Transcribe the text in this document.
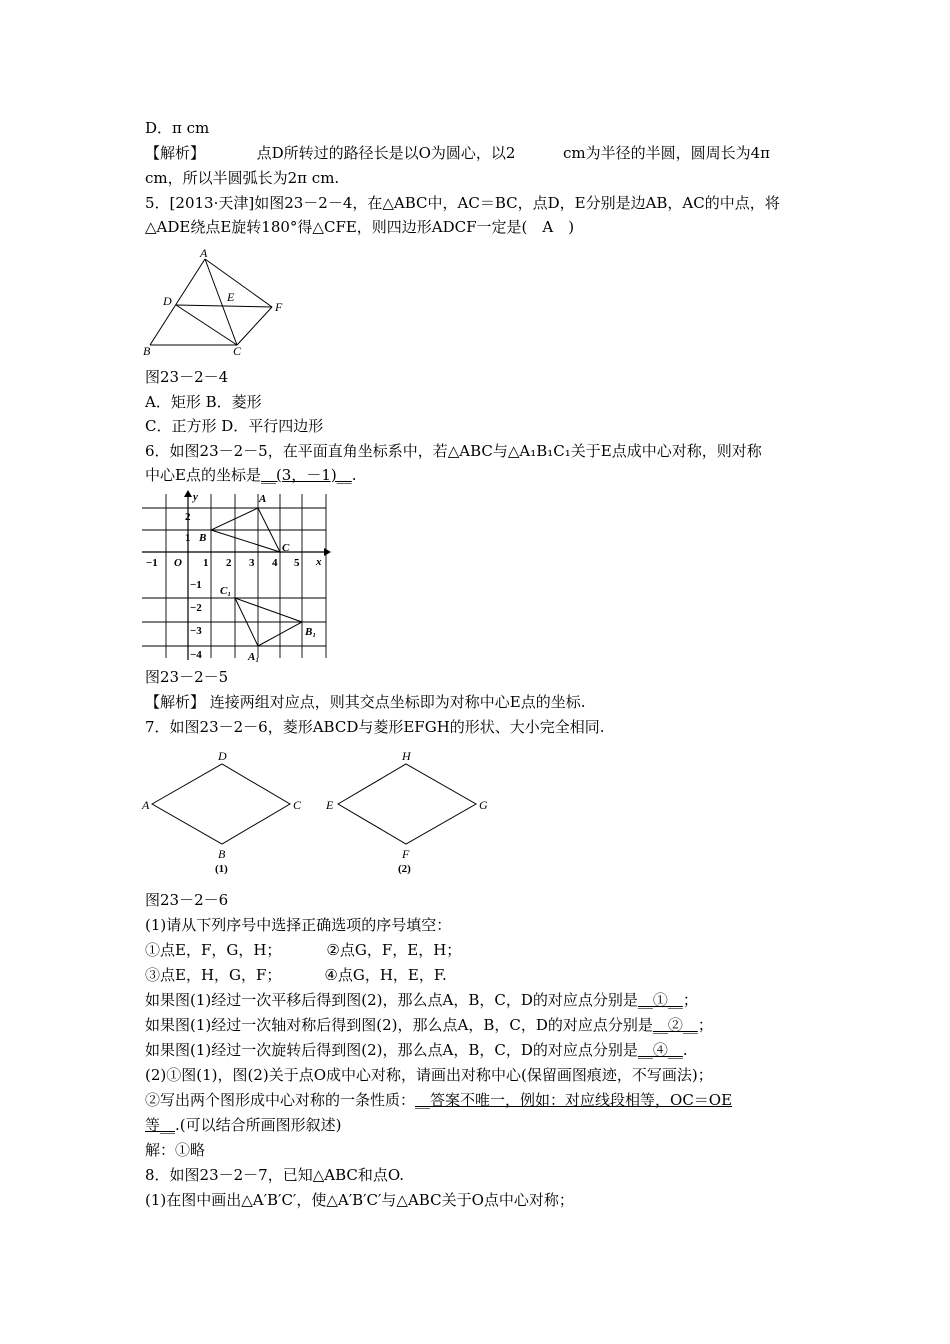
D．π cm
【解析】	点D所转过的路径长是以O为圆心，以2	cm为半径的半圆，圆周长为4π
cm，所以半圆弧长为2π cm.
5．[2013·天津]如图23－2－4，在△ABC中，AC＝BC，点D，E分别是边AB，AC的中点，将
△ADE绕点E旋转180°得△CFE，则四边形ADCF一定是(　A　)
A
D	E
F
B	C
图23－2－4
A．矩形 B．菱形
C．正方形 D．平行四边形
6．如图23－2－5，在平面直角坐标系中，若△ABC与△A₁B₁C₁关于E点成中心对称，则对称
中心E点的坐标是__(3，－1)__.
y
x
−1 O 1 2 3 4 5
2
1
−1
−2
−3
−4
A
B
C
C₁
B₁
A₁
图23－2－5
【解析】 连接两组对应点，则其交点坐标即为对称中心E点的坐标.
7．如图23－2－6，菱形ABCD与菱形EFGH的形状、大小完全相同.
D
A	C
B
H
E	G
F
(1)	(2)
图23－2－6
(1)请从下列序号中选择正确选项的序号填空：
①点E，F，G，H；	②点G，F，E，H；
③点E，H，G，F；	④点G，H，E，F.
如果图(1)经过一次平移后得到图(2)，那么点A，B，C，D的对应点分别是__①__；
如果图(1)经过一次轴对称后得到图(2)，那么点A，B，C，D的对应点分别是__②__；
如果图(1)经过一次旋转后得到图(2)，那么点A，B，C，D的对应点分别是__④__.
(2)①图(1)，图(2)关于点O成中心对称，请画出对称中心(保留画图痕迹，不写画法)；
②写出两个图形成中心对称的一条性质：__答案不唯一，例如：对应线段相等，OC＝OE
等__.(可以结合所画图形叙述)
解：①略
8．如图23－2－7，已知△ABC和点O.
(1)在图中画出△A′B′C′，使△A′B′C′与△ABC关于O点中心对称；
